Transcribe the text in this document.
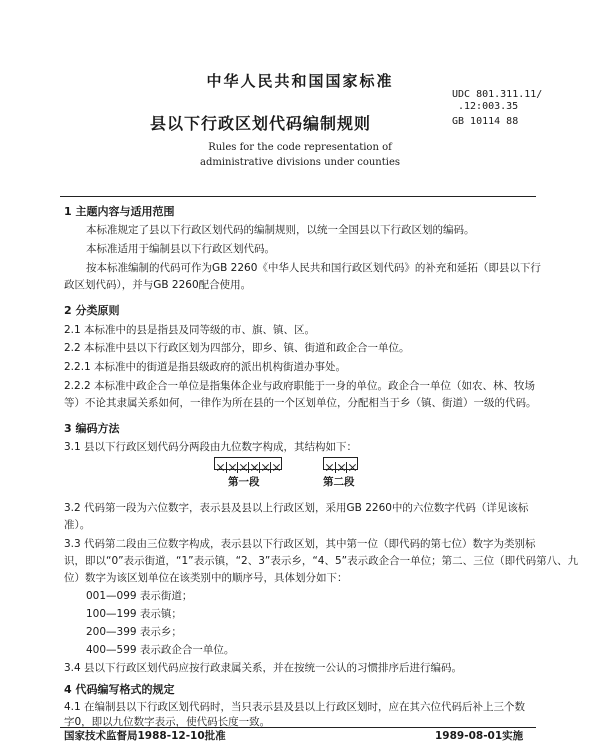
中华人民共和国国家标准
UDC 801.311.11/
.12:003.35
县以下行政区划代码编制规则	GB 10114 88
Rules for the code representation of
administrative divisions under counties
1 主题内容与适用范围
本标准规定了县以下行政区划代码的编制规则，以统一全国县以下行政区划的编码。
本标准适用于编制县以下行政区划代码。
按本标准编制的代码可作为GB 2260《中华人民共和国行政区划代码》的补充和延拓（即县以下行
政区划代码），并与GB 2260配合使用。
2 分类原则
2.1 本标准中的县是指县及同等级的市、旗、镇、区。
2.2 本标准中县以下行政区划为四部分，即乡、镇、街道和政企合一单位。
2.2.1 本标准中的街道是指县级政府的派出机构街道办事处。
2.2.2 本标准中政企合一单位是指集体企业与政府职能于一身的单位。政企合一单位（如农、林、牧场
等）不论其隶属关系如何，一律作为所在县的一个区划单位，分配相当于乡（镇、街道）一级的代码。
3 编码方法
3.1 县以下行政区划代码分两段由九位数字构成，其结构如下：
第一段	第二段
3.2 代码第一段为六位数字，表示县及县以上行政区划，采用GB 2260中的六位数字代码（详见该标
准）。
3.3 代码第二段由三位数字构成，表示县以下行政区划，其中第一位（即代码的第七位）数字为类别标
识，即以“0”表示街道，“1”表示镇，“2、3”表示乡，“4、5”表示政企合一单位；第二、三位（即代码第八、九
位）数字为该区划单位在该类别中的顺序号，具体划分如下：
001—099 表示街道；
100—199 表示镇；
200—399 表示乡；
400—599 表示政企合一单位。
3.4 县以下行政区划代码应按行政隶属关系，并在按统一公认的习惯排序后进行编码。
4 代码编写格式的规定
4.1 在编制县以下行政区划代码时，当只表示县及县以上行政区划时，应在其六位代码后补上三个数
字0，即以九位数字表示，使代码长度一致。
国家技术监督局1988-12-10批准	1989-08-01实施
